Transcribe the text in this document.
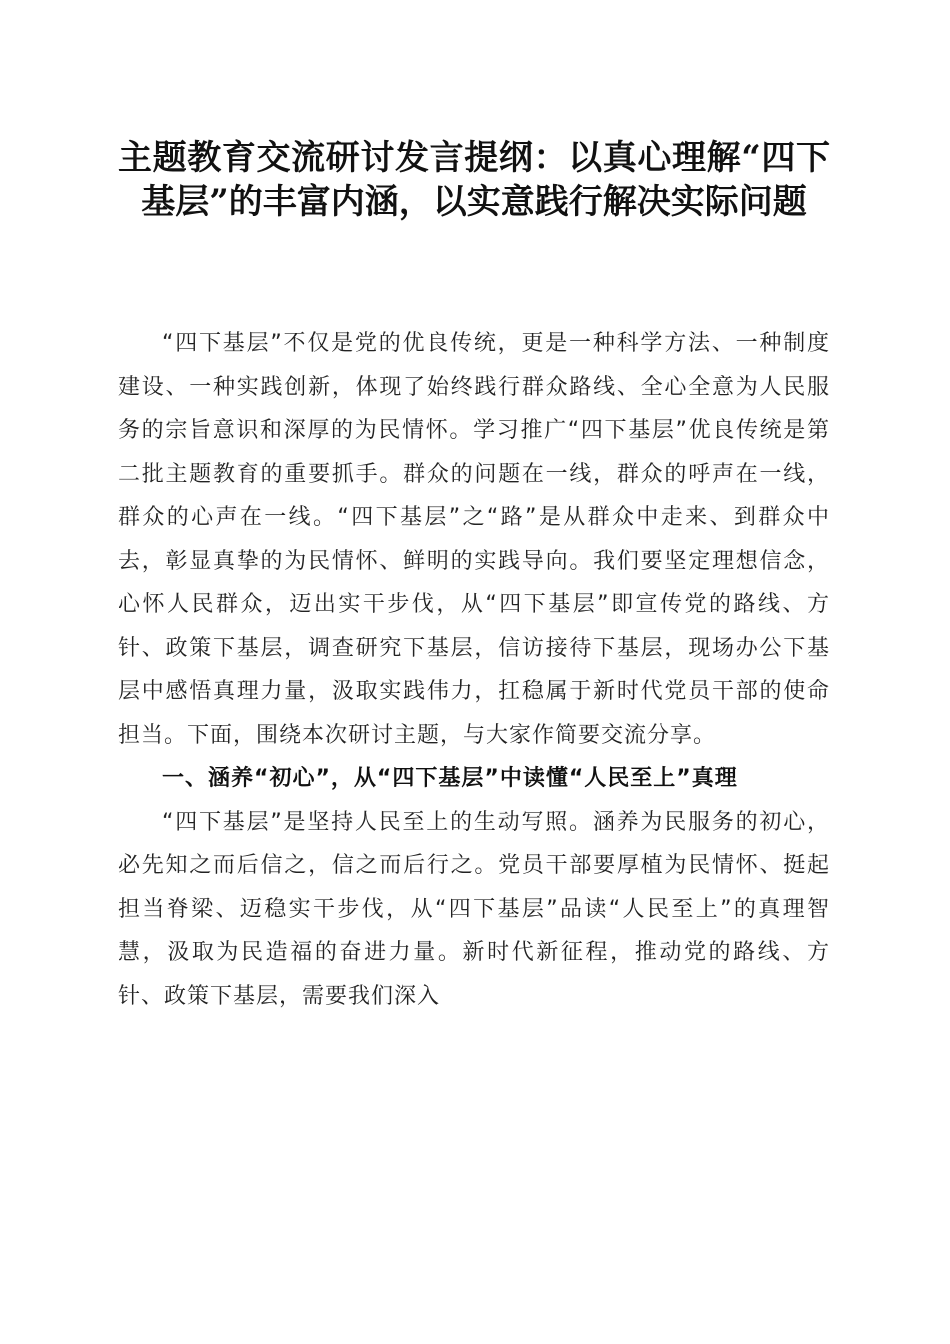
主题教育交流研讨发言提纲：以真心理解“四下基层”的丰富内涵，以实意践行解决实际问题

“四下基层”不仅是党的优良传统，更是一种科学方法、一种制度建设、一种实践创新，体现了始终践行群众路线、全心全意为人民服务的宗旨意识和深厚的为民情怀。学习推广“四下基层”优良传统是第二批主题教育的重要抓手。群众的问题在一线，群众的呼声在一线，群众的心声在一线。“四下基层”之“路”是从群众中走来、到群众中去，彰显真挚的为民情怀、鲜明的实践导向。我们要坚定理想信念，心怀人民群众，迈出实干步伐，从“四下基层”即宣传党的路线、方针、政策下基层，调查研究下基层，信访接待下基层，现场办公下基层中感悟真理力量，汲取实践伟力，扛稳属于新时代党员干部的使命担当。下面，围绕本次研讨主题，与大家作简要交流分享。

一、涵养“初心”，从“四下基层”中读懂“人民至上”真理

“四下基层”是坚持人民至上的生动写照。涵养为民服务的初心，必先知之而后信之，信之而后行之。党员干部要厚植为民情怀、挺起担当脊梁、迈稳实干步伐，从“四下基层”品读“人民至上”的真理智慧，汲取为民造福的奋进力量。新时代新征程，推动党的路线、方针、政策下基层，需要我们深入
